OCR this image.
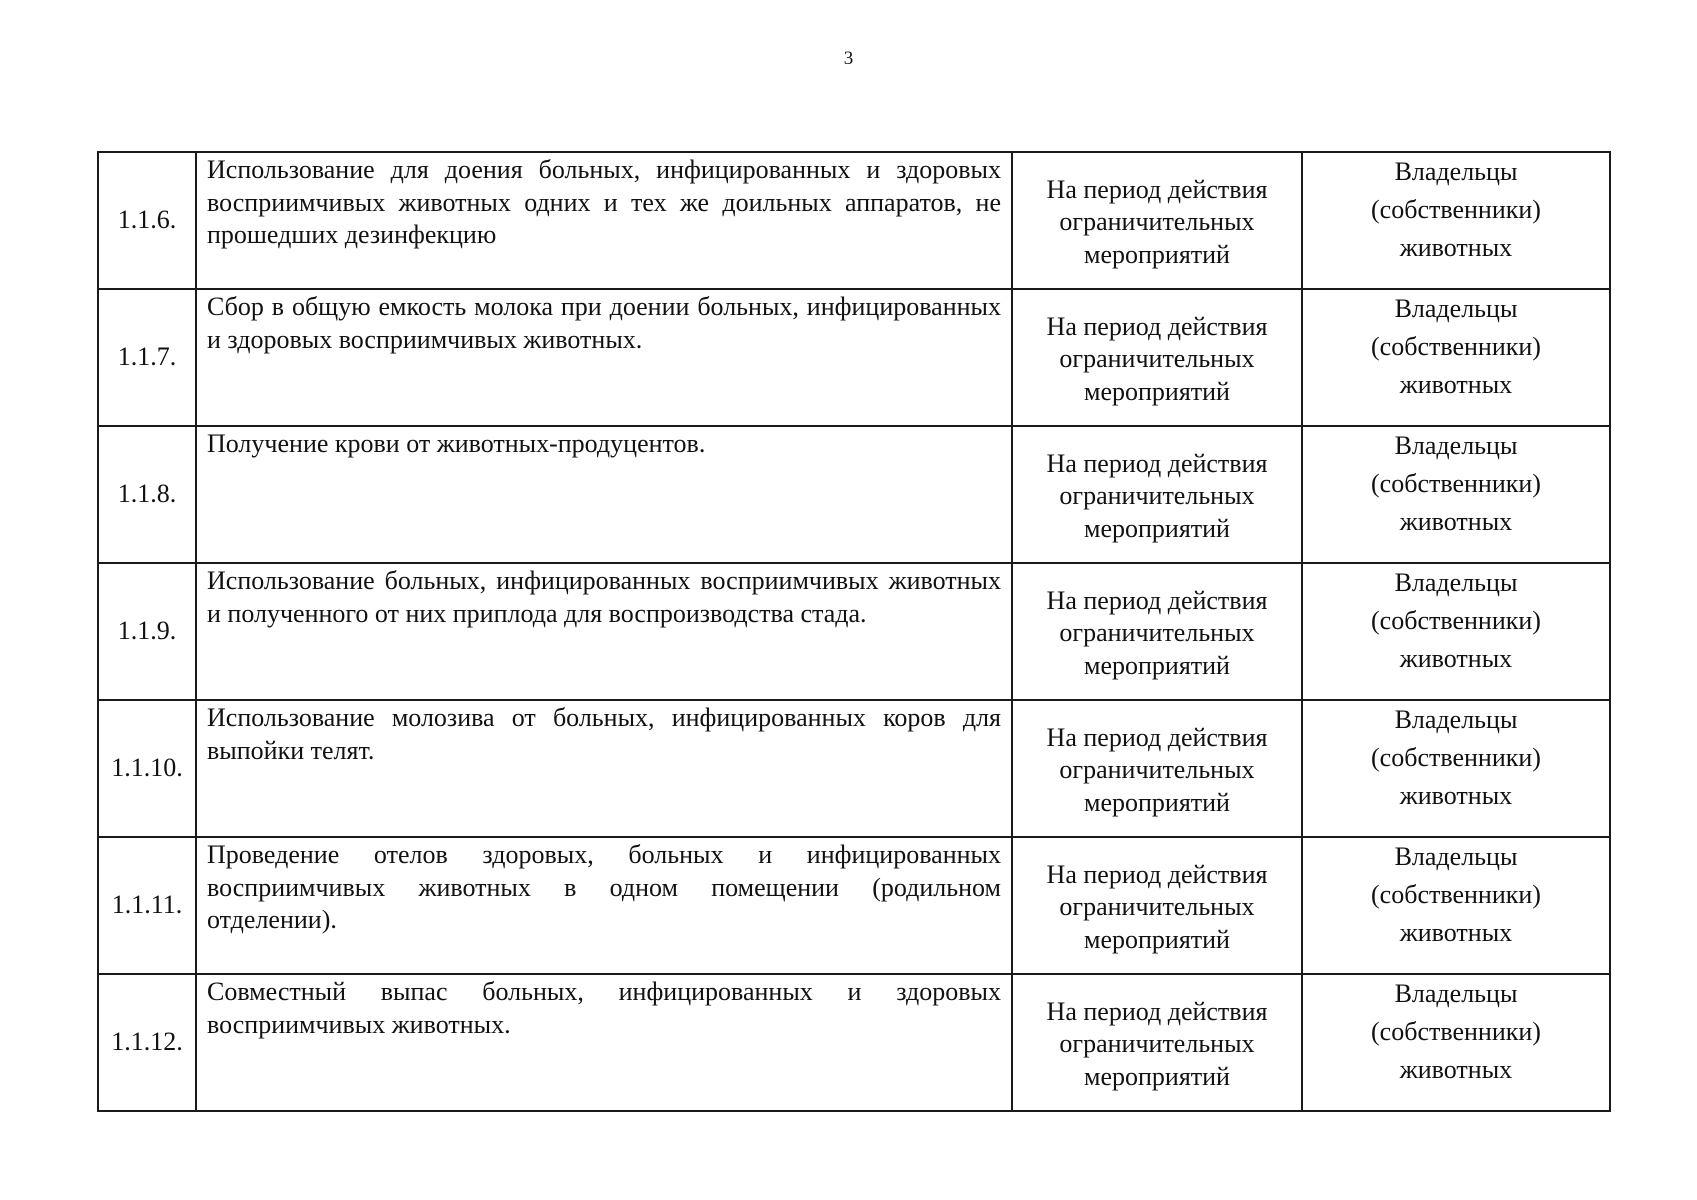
3
1.1.6.	Использование для доения больных, инфицированных и здоровых восприимчивых животных одних и тех же доильных аппаратов, не прошедших дезинфекцию	На период действия
ограничительных
мероприятий	Владельцы
(собственники)
животных

1.1.7.	Сбор в общую емкость молока при доении больных, инфицированных и здоровых восприимчивых животных.	На период действия
ограничительных
мероприятий	Владельцы
(собственники)
животных

1.1.8.	Получение крови от животных-продуцентов.	На период действия
ограничительных
мероприятий	Владельцы
(собственники)
животных

1.1.9.	Использование больных, инфицированных восприимчивых животных и полученного от них приплода для воспроизводства стада.	На период действия
ограничительных
мероприятий	Владельцы
(собственники)
животных

1.1.10.	Использование молозива от больных, инфицированных коров для выпойки телят.	На период действия
ограничительных
мероприятий	Владельцы
(собственники)
животных

1.1.11.	Проведение отелов здоровых, больных и инфицированных восприимчивых животных в одном помещении (родильном отделении).	На период действия
ограничительных
мероприятий	Владельцы
(собственники)
животных

1.1.12.	Совместный выпас больных, инфицированных и здоровых восприимчивых животных.	На период действия
ограничительных
мероприятий	Владельцы
(собственники)
животных
